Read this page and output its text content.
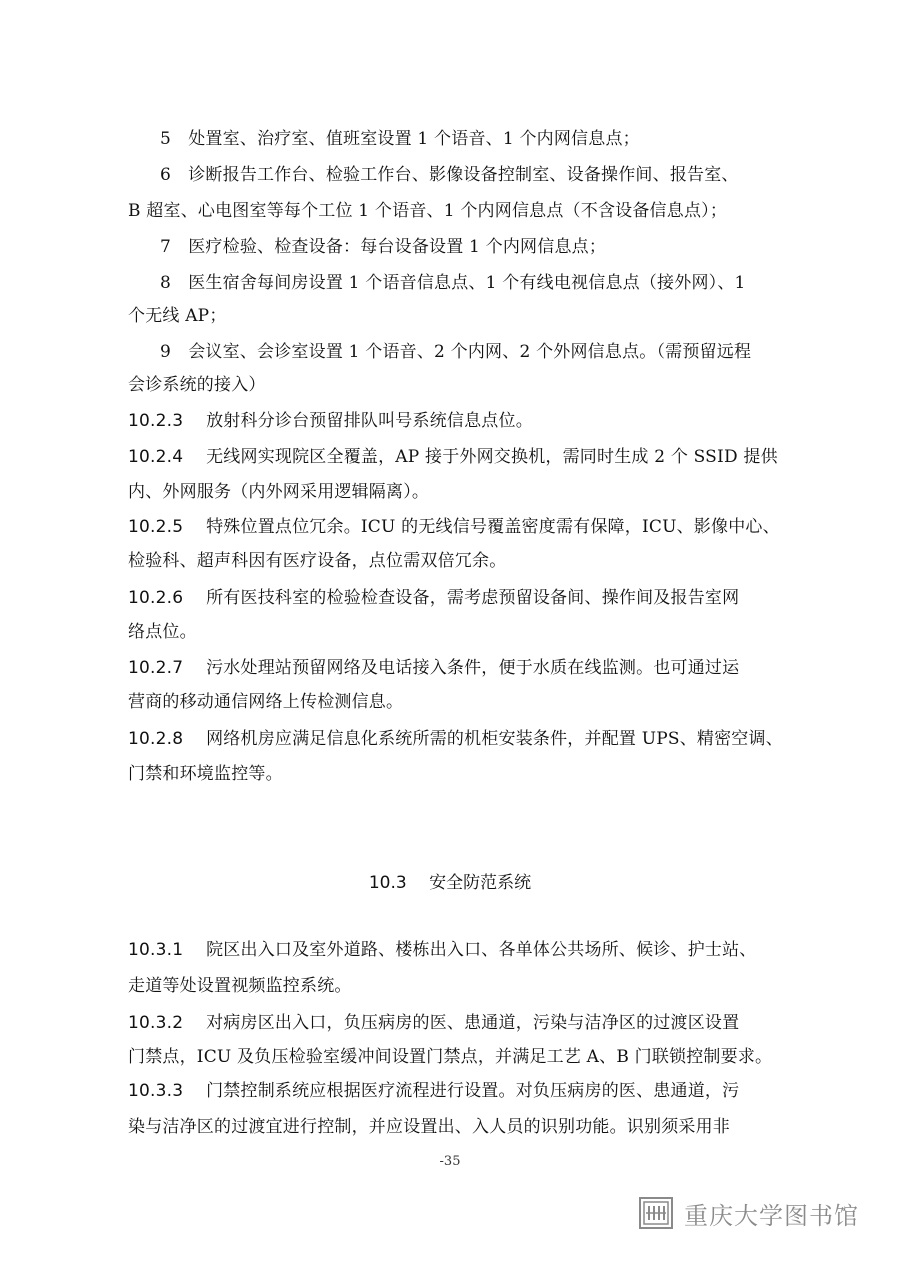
5　处置室、治疗室、值班室设置 1 个语音、1 个内网信息点；
6　诊断报告工作台、检验工作台、影像设备控制室、设备操作间、报告室、
B 超室、心电图室等每个工位 1 个语音、1 个内网信息点（不含设备信息点）；
7　医疗检验、检查设备：每台设备设置 1 个内网信息点；
8　医生宿舍每间房设置 1 个语音信息点、1 个有线电视信息点（接外网）、1
个无线 AP；
9　会议室、会诊室设置 1 个语音、2 个内网、2 个外网信息点。（需预留远程
会诊系统的接入）
10.2.3　 放射科分诊台预留排队叫号系统信息点位。
10.2.4　 无线网实现院区全覆盖，AP 接于外网交换机，需同时生成 2 个 SSID 提供
内、外网服务（内外网采用逻辑隔离）。
10.2.5　 特殊位置点位冗余。ICU 的无线信号覆盖密度需有保障，ICU、影像中心、
检验科、超声科因有医疗设备，点位需双倍冗余。
10.2.6　 所有医技科室的检验检查设备，需考虑预留设备间、操作间及报告室网
络点位。
10.2.7　 污水处理站预留网络及电话接入条件，便于水质在线监测。也可通过运
营商的移动通信网络上传检测信息。
10.2.8　 网络机房应满足信息化系统所需的机柜安装条件，并配置 UPS、精密空调、
门禁和环境监控等。
10.3　 安全防范系统
10.3.1　 院区出入口及室外道路、楼栋出入口、各单体公共场所、候诊、护士站、
走道等处设置视频监控系统。
10.3.2　 对病房区出入口，负压病房的医、患通道，污染与洁净区的过渡区设置
门禁点，ICU 及负压检验室缓冲间设置门禁点，并满足工艺 A、B 门联锁控制要求。
10.3.3　 门禁控制系统应根据医疗流程进行设置。对负压病房的医、患通道，污
染与洁净区的过渡宜进行控制，并应设置出、入人员的识别功能。识别须采用非
-35
重庆大学图书馆
